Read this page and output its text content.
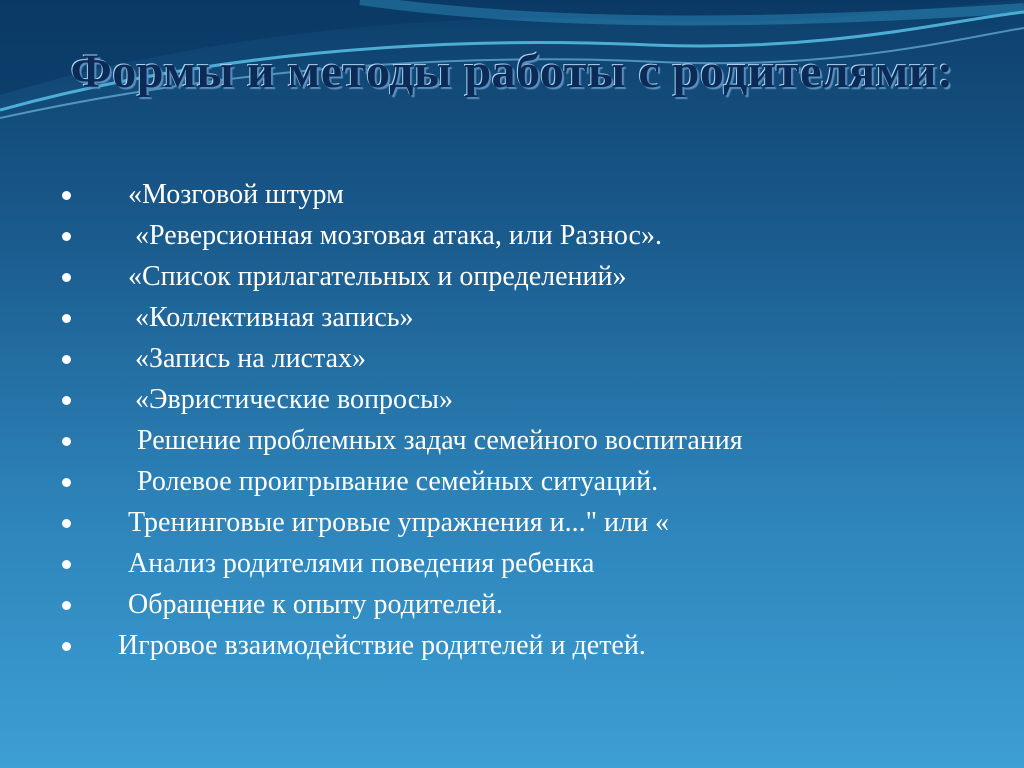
Формы и методы работы с родителями:
«Мозговой штурм
«Реверсионная мозговая атака, или Разнос».
«Список прилагательных и определений»
«Коллективная запись»
«Запись на листах»
«Эвристические вопросы»
Решение проблемных задач семейного воспитания
Ролевое проигрывание семейных ситуаций.
Тренинговые игровые упражнения и..." или «
Анализ родителями поведения ребенка
Обращение к опыту родителей.
Игровое взаимодействие родителей и детей.
